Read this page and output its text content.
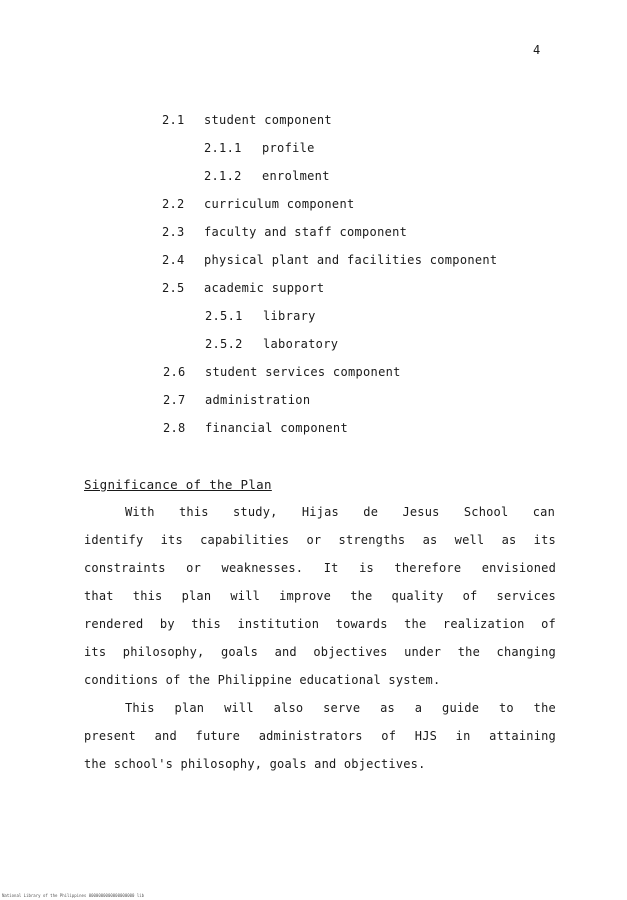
4
2.1 student component
2.1.1 profile
2.1.2 enrolment
2.2 curriculum component
2.3 faculty and staff component
2.4 physical plant and facilities component
2.5 academic support
2.5.1 library
2.5.2 laboratory
2.6 student services component
2.7 administration
2.8 financial component
Significance of the Plan
With this study, Hijas de Jesus School can
identify its capabilities or strengths as well as its
constraints or weaknesses. It is therefore envisioned
that this plan will improve the quality of services
rendered by this institution towards the realization of
its philosophy, goals and objectives under the changing
conditions of the Philippine educational system.
This plan will also serve as a guide to the
present and future administrators of HJS in attaining
the school's philosophy, goals and objectives.
National Library of the Philippines 0000000000000000000 lib
